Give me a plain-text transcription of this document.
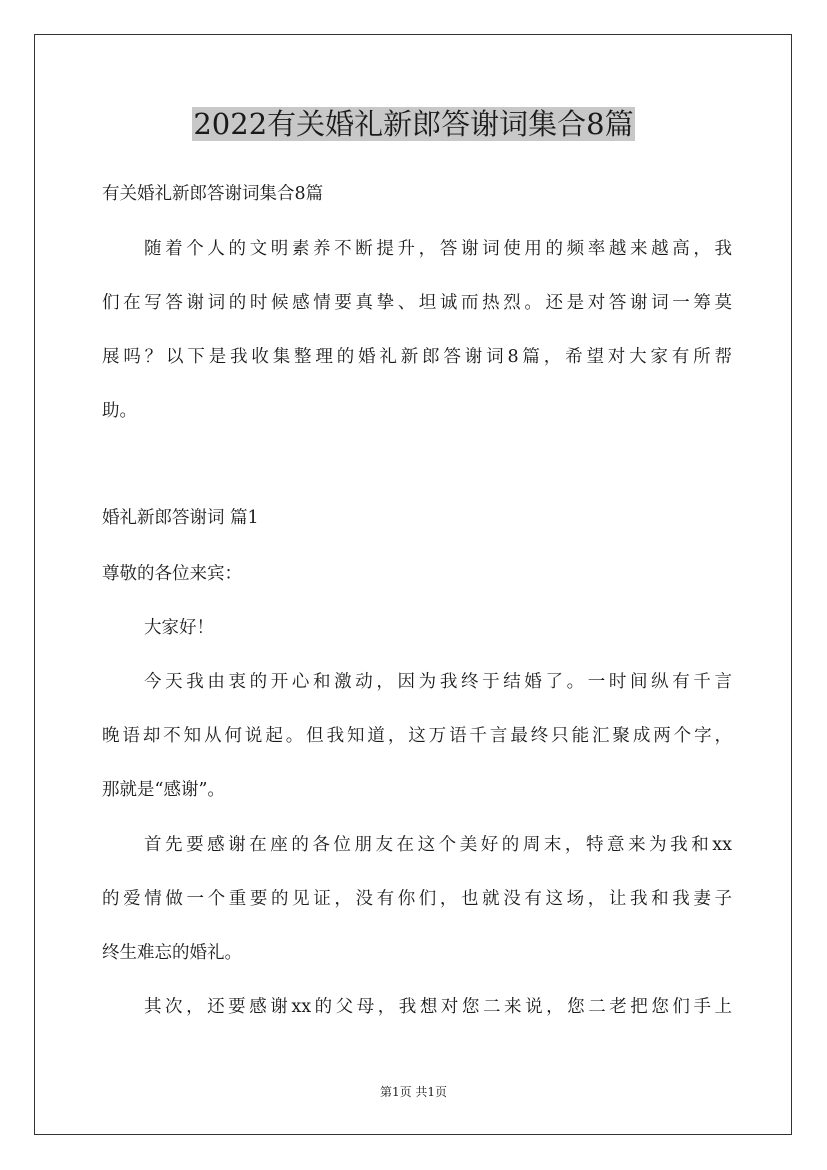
2022有关婚礼新郎答谢词集合8篇

有关婚礼新郎答谢词集合8篇

随着个人的文明素养不断提升，答谢词使用的频率越来越高，我

们在写答谢词的时候感情要真挚、坦诚而热烈。还是对答谢词一筹莫

展吗？以下是我收集整理的婚礼新郎答谢词8篇，希望对大家有所帮

助。

婚礼新郎答谢词 篇1

尊敬的各位来宾：

大家好！

今天我由衷的开心和激动，因为我终于结婚了。一时间纵有千言

晚语却不知从何说起。但我知道，这万语千言最终只能汇聚成两个字，

那就是“感谢”。

首先要感谢在座的各位朋友在这个美好的周末，特意来为我和xx

的爱情做一个重要的见证，没有你们，也就没有这场，让我和我妻子

终生难忘的婚礼。

其次，还要感谢xx的父母，我想对您二来说，您二老把您们手上

第1页 共1页
